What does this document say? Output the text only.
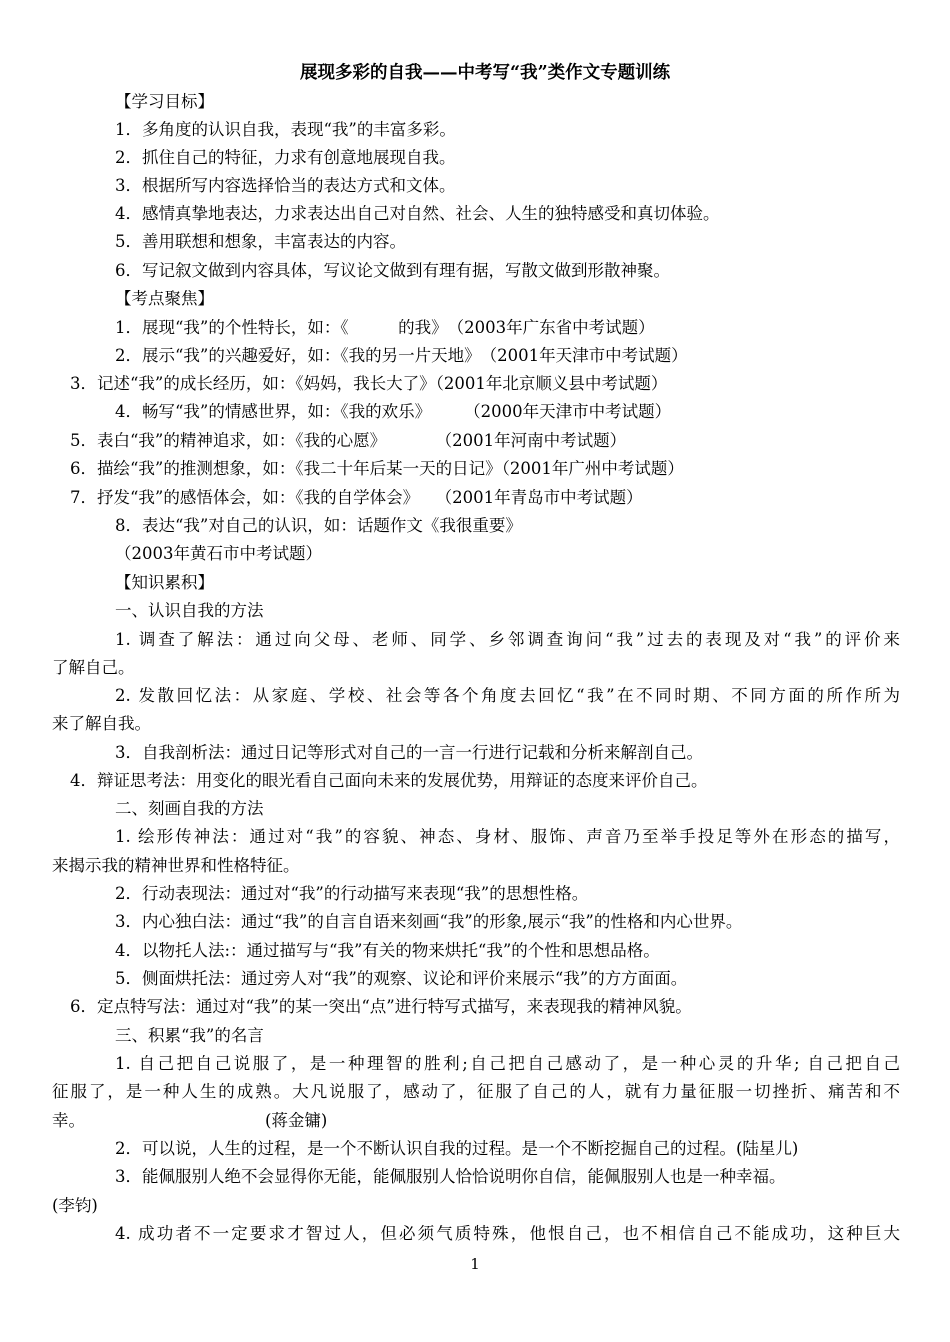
展现多彩的自我——中考写“我”类作文专题训练
【学习目标】
1．多角度的认识自我，表现“我”的丰富多彩。
2．抓住自己的特征，力求有创意地展现自我。
3．根据所写内容选择恰当的表达方式和文体。
4．感情真挚地表达，力求表达出自己对自然、社会、人生的独特感受和真切体验。
5．善用联想和想象，丰富表达的内容。
6．写记叙文做到内容具体，写议论文做到有理有据，写散文做到形散神聚。
【考点聚焦】
1．展现“我”的个性特长，如：《　　　的我》　（2003年广东省中考试题）
2．展示“我”的兴趣爱好，如：《我的另一片天地》　（2001年天津市中考试题）
3．记述“我”的成长经历，如：《妈妈，我长大了》（2001年北京顺义县中考试题）
4．畅写“我”的情感世界，如：《我的欢乐》　　　（2000年天津市中考试题）
5．表白“我”的精神追求，如：《我的心愿》　　　　（2001年河南中考试题）
6．描绘“我”的推测想象，如：《我二十年后某一天的日记》（2001年广州中考试题）
7．抒发“我”的感悟体会，如：《我的自学体会》　　（2001年青岛市中考试题）
8．表达“我”对自己的认识，如：话题作文《我很重要》
（2003年黄石市中考试题）
【知识累积】
一、认识自我的方法
1. 调查了解法：通过向父母、老师、同学、乡邻调查询问“我”过去的表现及对“我”的评价来
了解自己。
2. 发散回忆法：从家庭、学校、社会等各个角度去回忆“我”在不同时期、不同方面的所作所为
来了解自我。
3．自我剖析法：通过日记等形式对自己的一言一行进行记载和分析来解剖自己。
4．辩证思考法：用变化的眼光看自己面向未来的发展优势，用辩证的态度来评价自己。
二、刻画自我的方法
1. 绘形传神法：通过对“我”的容貌、神态、身材、服饰、声音乃至举手投足等外在形态的描写，
来揭示我的精神世界和性格特征。
2．行动表现法：通过对“我”的行动描写来表现“我”的思想性格。
3．内心独白法：通过“我”的自言自语来刻画“我”的形象,展示“我”的性格和内心世界。
4．以物托人法:：通过描写与“我”有关的物来烘托“我”的个性和思想品格。
5．侧面烘托法：通过旁人对“我”的观察、议论和评价来展示“我”的方方面面。
6．定点特写法：通过对“我”的某一突出“点”进行特写式描写，来表现我的精神风貌。
三、积累“我”的名言
1. 自己把自己说服了，是一种理智的胜利;自己把自己感动了，是一种心灵的升华; 自己把自己
征服了，是一种人生的成熟。大凡说服了，感动了，征服了自己的人，就有力量征服一切挫折、痛苦和不
幸。	(蒋金镛)
2．可以说，人生的过程，是一个不断认识自我的过程。是一个不断挖掘自己的过程。(陆星儿)
3．能佩服别人绝不会显得你无能，能佩服别人恰恰说明你自信，能佩服别人也是一种幸福。
(李钧)
4. 成功者不一定要求才智过人，但必须气质特殊，他恨自己，也不相信自己不能成功，这种巨大
1
